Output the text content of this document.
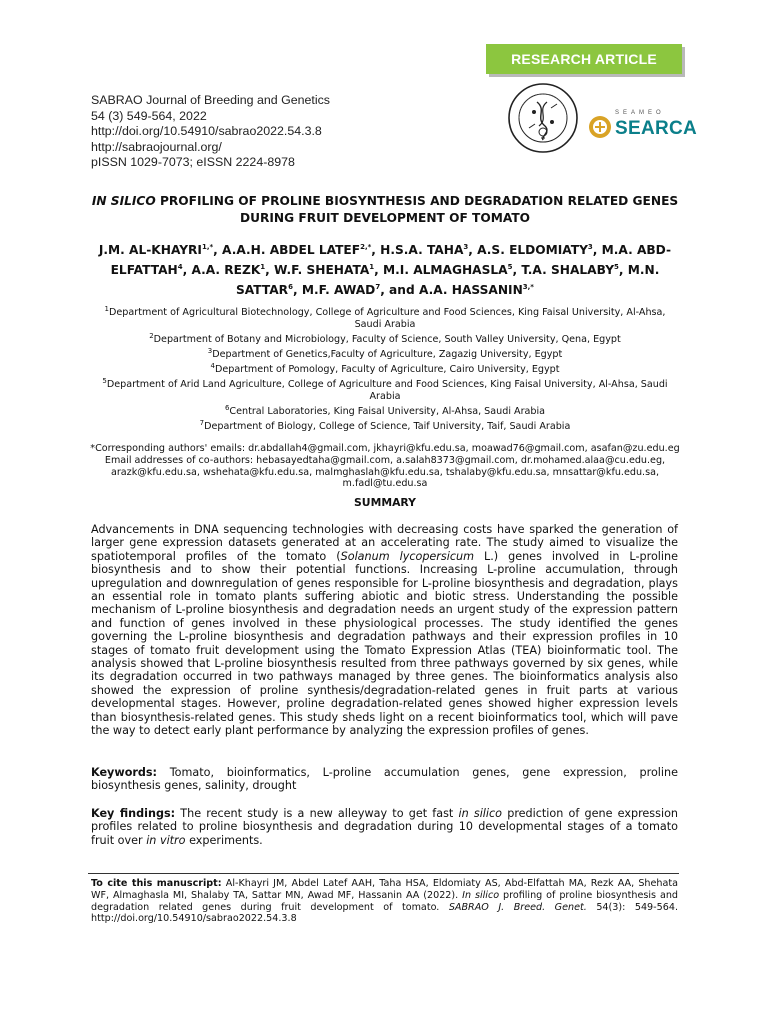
RESEARCH ARTICLE
SABRAO Journal of Breeding and Genetics
54 (3) 549-564, 2022
http://doi.org/10.54910/sabrao2022.54.3.8
http://sabraojournal.org/
pISSN 1029-7073; eISSN 2224-8978
SEAMEO
SEARCA
IN SILICO PROFILING OF PROLINE BIOSYNTHESIS AND DEGRADATION RELATED GENES DURING FRUIT DEVELOPMENT OF TOMATO
J.M. $AL-KHAYRI^{1,*}$, A.A.H. ABDEL $LATEF^{2,*}$, H.S.A. TAHA$^3$, A.S. ELDOMIATY$^3$, M.A. ABD-ELFATTAH$^4$, A.A. REZK$^1$, W.F. SHEHATA$^1$, M.I. ALMAGHASLA$^5$, T.A. SHALABY$^5$, M.N. SATTAR$^6$, M.F. AWAD$^7$, and A.A. $HASSANIN^{3,*}$
$^1$Department of Agricultural Biotechnology, College of Agriculture and Food Sciences, King Faisal University, Al-Ahsa, Saudi Arabia
$^2$Department of Botany and Microbiology, Faculty of Science, South Valley University, Qena, Egypt
$^3$Department of Genetics,Faculty of Agriculture, Zagazig University, Egypt
$^4$Department of Pomology, Faculty of Agriculture, Cairo University, Egypt
$^5$Department of Arid Land Agriculture, College of Agriculture and Food Sciences, King Faisal University, Al-Ahsa, Saudi Arabia
$^6$Central Laboratories, King Faisal University, Al-Ahsa, Saudi Arabia
$^7$Department of Biology, College of Science, Taif University, Taif, Saudi Arabia
*Corresponding authors' emails: dr.abdallah4@gmail.com, jkhayri@kfu.edu.sa, moawad76@gmail.com, asafan@zu.edu.eg
Email addresses of co-authors: hebasayedtaha@gmail.com, a.salah8373@gmail.com, dr.mohamed.alaa@cu.edu.eg, arazk@kfu.edu.sa, wshehata@kfu.edu.sa, malmghaslah@kfu.edu.sa, tshalaby@kfu.edu.sa, mnsattar@kfu.edu.sa, m.fadl@tu.edu.sa
SUMMARY
Advancements in DNA sequencing technologies with decreasing costs have sparked the generation of larger gene expression datasets generated at an accelerating rate. The study aimed to visualize the spatiotemporal profiles of the tomato (Solanum lycopersicum L.) genes involved in L-proline biosynthesis and to show their potential functions. Increasing L-proline accumulation, through upregulation and downregulation of genes responsible for L-proline biosynthesis and degradation, plays an essential role in tomato plants suffering abiotic and biotic stress. Understanding the possible mechanism of L-proline biosynthesis and degradation needs an urgent study of the expression pattern and function of genes involved in these physiological processes. The study identified the genes governing the L-proline biosynthesis and degradation pathways and their expression profiles in 10 stages of tomato fruit development using the Tomato Expression Atlas (TEA) bioinformatic tool. The analysis showed that L-proline biosynthesis resulted from three pathways governed by six genes, while its degradation occurred in two pathways managed by three genes. The bioinformatics analysis also showed the expression of proline synthesis/degradation-related genes in fruit parts at various developmental stages. However, proline degradation-related genes showed higher expression levels than biosynthesis-related genes. This study sheds light on a recent bioinformatics tool, which will pave the way to detect early plant performance by analyzing the expression profiles of genes.
Keywords: Tomato, bioinformatics, L-proline accumulation genes, gene expression, proline biosynthesis genes, salinity, drought
Key findings: The recent study is a new alleyway to get fast in silico prediction of gene expression profiles related to proline biosynthesis and degradation during 10 developmental stages of a tomato fruit over in vitro experiments.
To cite this manuscript: Al-Khayri JM, Abdel Latef AAH, Taha HSA, Eldomiaty AS, Abd-Elfattah MA, Rezk AA, Shehata WF, Almaghasla MI, Shalaby TA, Sattar MN, Awad MF, Hassanin AA (2022). In silico profiling of proline biosynthesis and degradation related genes during fruit development of tomato. SABRAO J. Breed. Genet. 54(3): 549-564. http://doi.org/10.54910/sabrao2022.54.3.8
